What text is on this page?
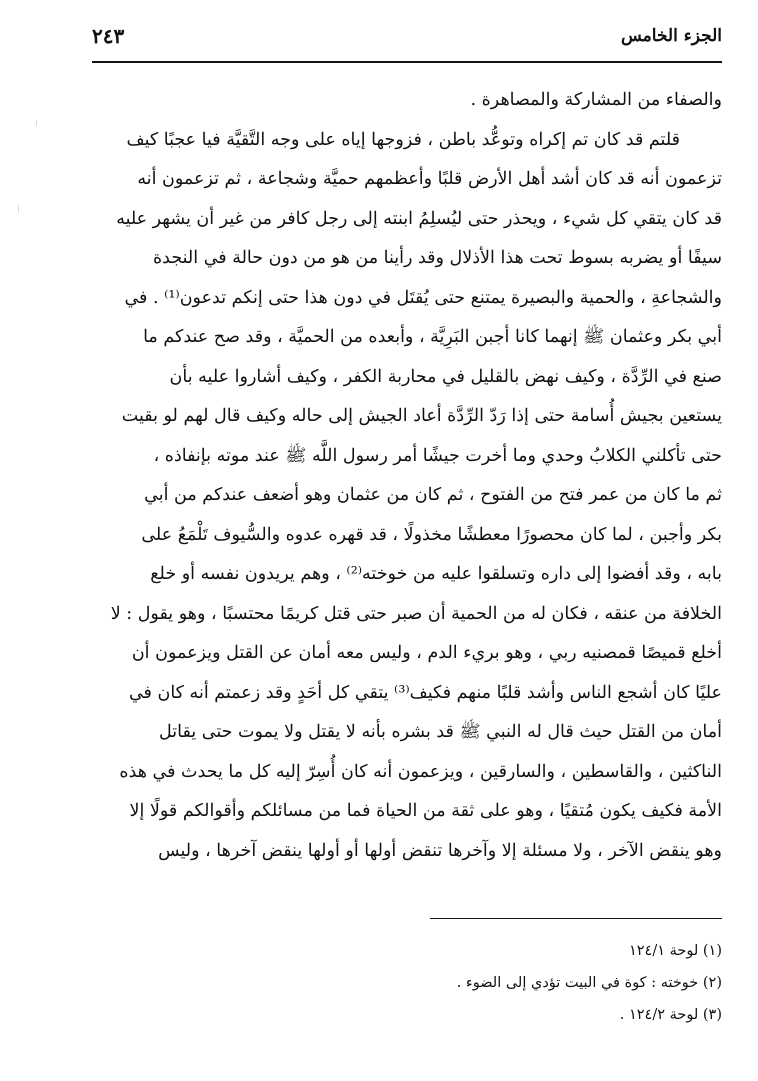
الجزء الخامس
٢٤٣
والصفاء من المشاركة والمصاهرة .
قلتم قد كان تم إكراه وتوعُّد باطن ، فزوجها إياه على وجه التَّقيَّة فيا عجبًا كيف
تزعمون أنه قد كان أشد أهل الأرض قلبًا وأعظمهم حميَّة وشجاعة ، ثم تزعمون أنه
قد كان يتقي كل شيء ، ويحذر حتى ليُسلِمُ ابنته إلى رجل كافر من غير أن يشهر عليه
سيفًا أو يضربه بسوط تحت هذا الأذلال وقد رأينا من هو من دون حالة في النجدة
والشجاعةِ ، والحمية والبصيرة يمتنع حتى يُقتَل في دون هذا حتى إنكم تدعون⁽¹⁾ . في
أبي بكر وعثمان ﷺ إنهما كانا أجبن البَرِيَّة ، وأبعده من الحميَّة ، وقد صح عندكم ما
صنع في الرِّدَّة ، وكيف نهض بالقليل في محاربة الكفر ، وكيف أشاروا عليه بأن
يستعين بجيش أُسامة حتى إذا رَدّ الرِّدَّة أعاد الجيش إلى حاله وكيف قال لهم لو بقيت
حتى تأكلني الكلابُ وحدي وما أخرت جيشًا أمر رسول اللَّه ﷺ عند موته بإنفاذه ،
ثم ما كان من عمر فتح من الفتوح ، ثم كان من عثمان وهو أضعف عندكم من أبي
بكر وأجبن ، لما كان محصورًا معطشًا مخذولًا ، قد قهره عدوه والسُّيوف تَلْمَعُ على
بابه ، وقد أفضوا إلى داره وتسلقوا عليه من خوخته⁽²⁾ ، وهم يريدون نفسه أو خلع
الخلافة من عنقه ، فكان له من الحمية أن صبر حتى قتل كريمًا محتسبًا ، وهو يقول : لا
أخلع قميصًا قمصنيه ربي ، وهو بريء الدم ، وليس معه أمان عن القتل ويزعمون أن
عليًا كان أشجع الناس وأشد قلبًا منهم فكيف⁽³⁾ يتقي كل أحَدٍ وقد زعمتم أنه كان في
أمان من القتل حيث قال له النبي ﷺ قد بشره بأنه لا يقتل ولا يموت حتى يقاتل
الناكثين ، والقاسطين ، والسارقين ، ويزعمون أنه كان أُسِرّ إليه كل ما يحدث في هذه
الأمة فكيف يكون مُتقيًا ، وهو على ثقة من الحياة فما من مسائلكم وأقوالكم قولًا إلا
وهو ينقض الآخر ، ولا مسئلة إلا وآخرها تنقض أولها أو أولها ينقض آخرها ، وليس
(١) لوحة ١٢٤/١
(٢) خوخته : كوة في البيت تؤدي إلى الضوء .
(٣) لوحة ١٢٤/٢ .
